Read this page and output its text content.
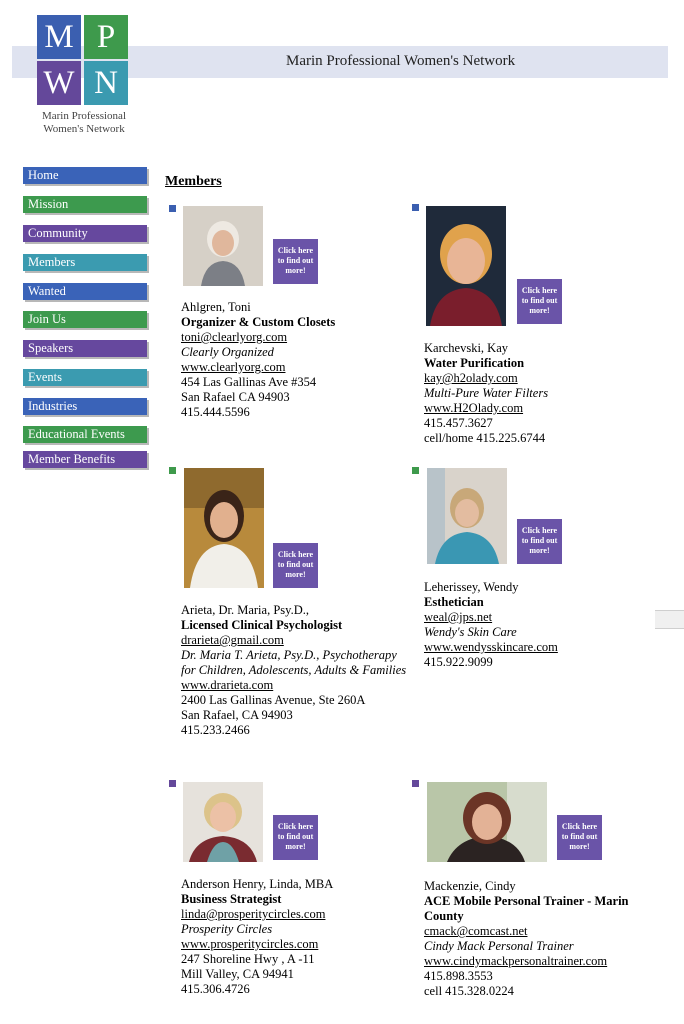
Marin Professional Women's Network
M P
W N
Marin Professional
Women's Network
Home
Mission
Community
Members
Wanted
Join Us
Speakers
Events
Industries
Educational Events
Member Benefits
Members
Click here
to find out
more!
Ahlgren, Toni
Organizer & Custom Closets
toni@clearlyorg.com
Clearly Organized
www.clearlyorg.com
454 Las Gallinas Ave #354
San Rafael CA 94903
415.444.5596
Click here
to find out
more!
Karchevski, Kay
Water Purification
kay@h2olady.com
Multi-Pure Water Filters
www.H2Olady.com
415.457.3627
cell/home 415.225.6744
Click here
to find out
more!
Arieta, Dr. Maria, Psy.D.,
Licensed Clinical Psychologist
drarieta@gmail.com
Dr. Maria T. Arieta, Psy.D., Psychotherapy for Children, Adolescents, Adults & Families
www.drarieta.com
2400 Las Gallinas Avenue, Ste 260A
San Rafael, CA 94903
415.233.2466
Click here
to find out
more!
Leherissey, Wendy
Esthetician
weal@jps.net
Wendy's Skin Care
www.wendysskincare.com
415.922.9099
Click here
to find out
more!
Anderson Henry, Linda, MBA
Business Strategist
linda@prosperitycircles.com
Prosperity Circles
www.prosperitycircles.com
247 Shoreline Hwy , A -11
Mill Valley, CA 94941
415.306.4726
Click here
to find out
more!
Mackenzie, Cindy
ACE Mobile Personal Trainer - Marin County
cmack@comcast.net
Cindy Mack Personal Trainer
www.cindymackpersonaltrainer.com
415.898.3553
cell 415.328.0224
